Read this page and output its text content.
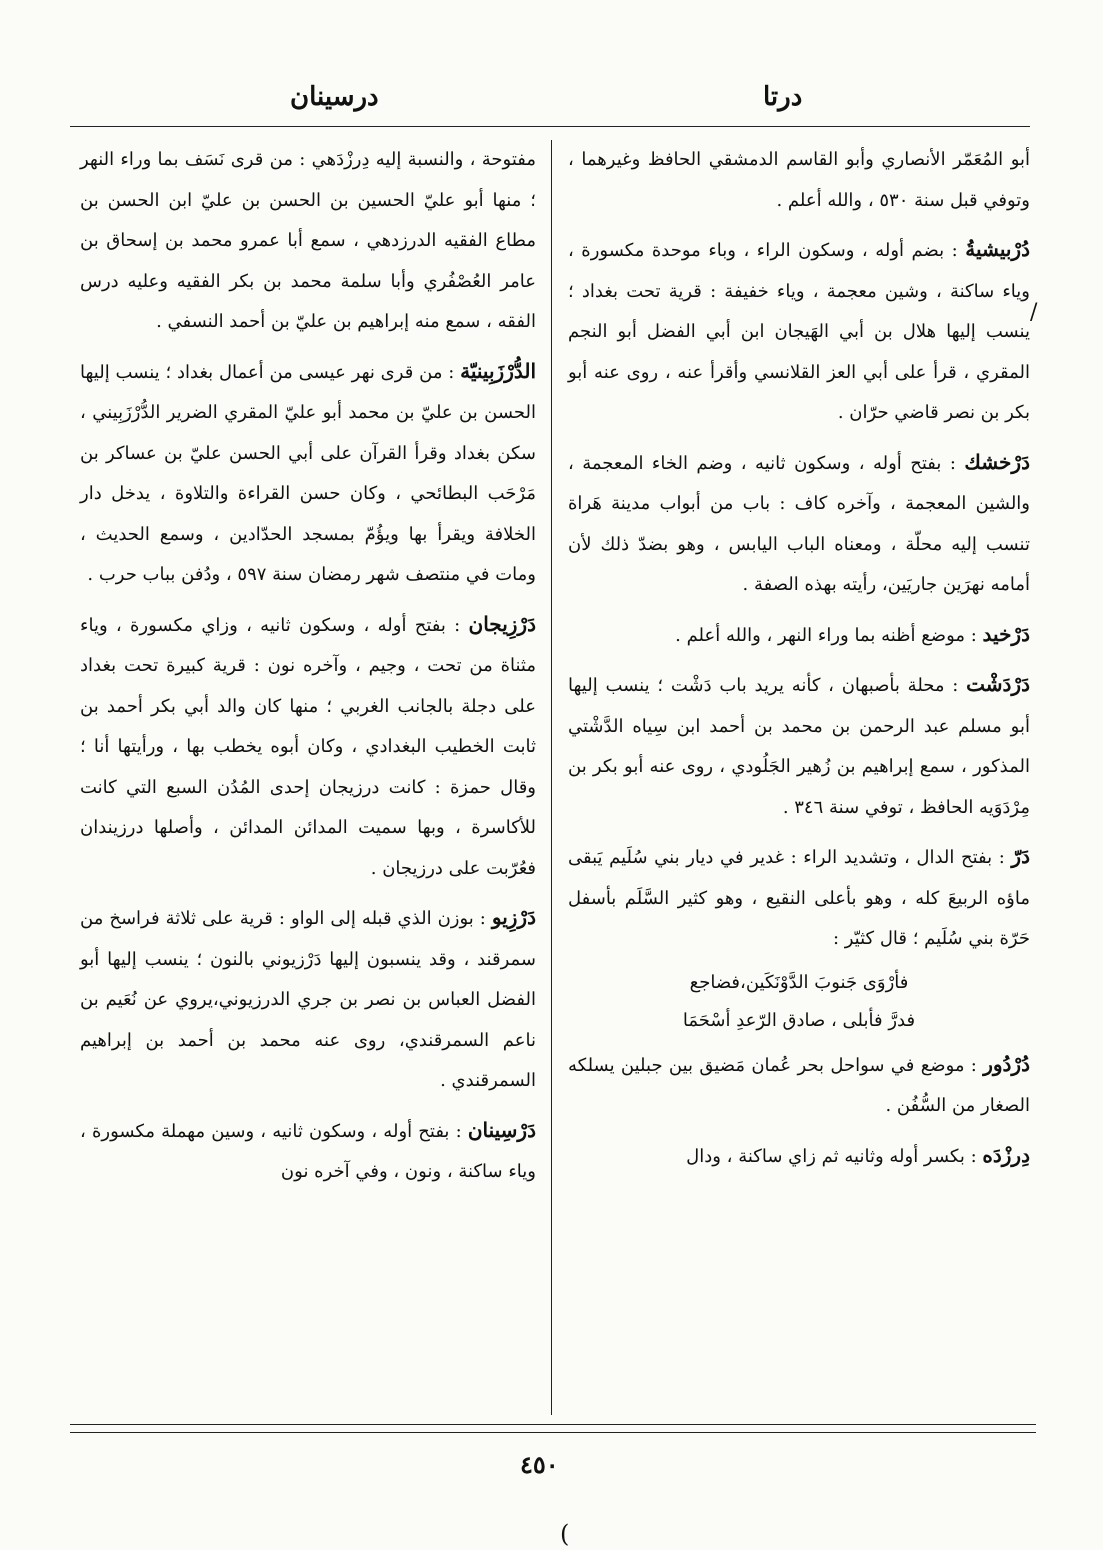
درتا
درسينان

أبو المُعَمّر الأنصاري وأبو القاسم الدمشقي الحافظ وغيرهما ، وتوفي قبل سنة ٥٣٠ ، والله أعلم .

دُرْبيشيةُ : بضم أوله ، وسكون الراء ، وباء موحدة مكسورة ، وياء ساكنة ، وشين معجمة ، وياء خفيفة : قرية تحت بغداد ؛ ينسب إليها هلال بن أبي الهَيجان ابن أبي الفضل أبو النجم المقري ، قرأ على أبي العز القلانسي وأقرأ عنه ، روى عنه أبو بكر بن نصر قاضي حرّان .

دَرْخشك : بفتح أوله ، وسكون ثانيه ، وضم الخاء المعجمة ، والشين المعجمة ، وآخره كاف : باب من أبواب مدينة هَراة تنسب إليه محلّة ، ومعناه الباب اليابس ، وهو بضدّ ذلك لأن أمامه نهرَين جاريَين، رأيته بهذه الصفة .

دَرْخيد : موضع أظنه بما وراء النهر ، والله أعلم .

دَرْدَشْت : محلة بأصبهان ، كأنه يريد باب دَشْت ؛ ينسب إليها أبو مسلم عبد الرحمن بن محمد بن أحمد ابن سِياه الدَّشْتي المذكور ، سمع إبراهيم بن زُهير الجَلُودي ، روى عنه أبو بكر بن مِرْدَوَيه الحافظ ، توفي سنة ٣٤٦ .

دَرّ : بفتح الدال ، وتشديد الراء : غدير في ديار بني سُلَيم يَبقى ماؤه الربيعَ كله ، وهو بأعلى النقيع ، وهو كثير السَّلَم بأسفل حَرّة بني سُلَيم ؛ قال كثيّر :

فأرْوَى جَنوبَ الدَّوْنَكَين،فضاجع
فدرَّ فأبلى ، صادق الرّعدِ أسْحَمَا

دُرْدُور : موضع في سواحل بحر عُمان مَضيق بين جبلين يسلكه الصغار من السُّفُن .

دِرزْدَه : بكسر أوله وثانيه ثم زاي ساكنة ، ودال

مفتوحة ، والنسبة إليه دِرزْدَهي : من قرى نَسَف بما وراء النهر ؛ منها أبو عليّ الحسين بن الحسن بن عليّ ابن الحسن بن مطاع الفقيه الدرزدهي ، سمع أبا عمرو محمد بن إسحاق بن عامر العُصْفُري وأبا سلمة محمد بن بكر الفقيه وعليه درس الفقه ، سمع منه إبراهيم بن عليّ بن أحمد النسفي .

الدُّرْزَبِينيّة : من قرى نهر عيسى من أعمال بغداد ؛ ينسب إليها الحسن بن عليّ بن محمد أبو عليّ المقري الضرير الدُّرْزَبِيني ، سكن بغداد وقرأ القرآن على أبي الحسن عليّ بن عساكر بن مَرْحَب البطائحي ، وكان حسن القراءة والتلاوة ، يدخل دار الخلافة ويقرأ بها ويؤُمّ بمسجد الحدّادين ، وسمع الحديث ، ومات في منتصف شهر رمضان سنة ٥٩٧ ، ودُفن بباب حرب .

دَرْزِيجان : بفتح أوله ، وسكون ثانيه ، وزاي مكسورة ، وياء مثناة من تحت ، وجيم ، وآخره نون : قرية كبيرة تحت بغداد على دجلة بالجانب الغربي ؛ منها كان والد أبي بكر أحمد بن ثابت الخطيب البغدادي ، وكان أبوه يخطب بها ، ورأيتها أنا ؛ وقال حمزة : كانت درزيجان إحدى المُدُن السبع التي كانت للأكاسرة ، وبها سميت المدائن المدائن ، وأصلها درزيندان فعُرّبت على درزيجان .

دَرْزِيو : بوزن الذي قبله إلى الواو : قرية على ثلاثة فراسخ من سمرقند ، وقد ينسبون إليها دَرْزيوني بالنون ؛ ينسب إليها أبو الفضل العباس بن نصر بن جري الدرزيوني،يروي عن نُعَيم بن ناعم السمرقندي، روى عنه محمد بن أحمد بن إبراهيم السمرقندي .

دَرْسِينان : بفتح أوله ، وسكون ثانيه ، وسين مهملة مكسورة ، وياء ساكنة ، ونون ، وفي آخره نون

/
٤٥٠
(
